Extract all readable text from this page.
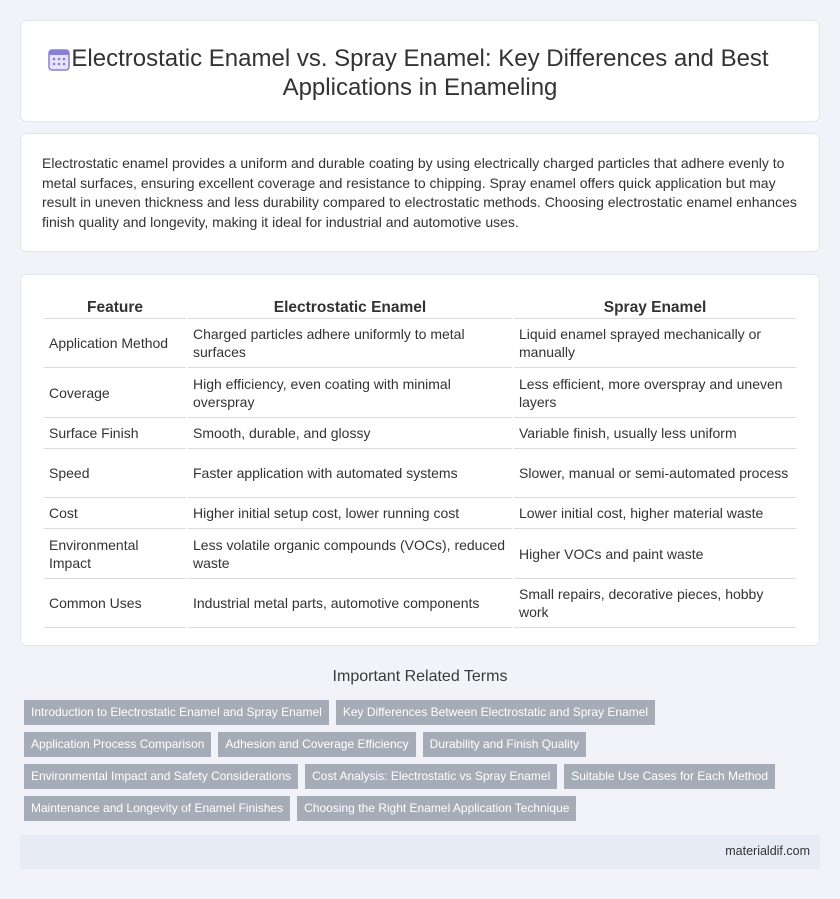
Electrostatic Enamel vs. Spray Enamel: Key Differences and Best Applications in Enameling

Electrostatic enamel provides a uniform and durable coating by using electrically charged particles that adhere evenly to metal surfaces, ensuring excellent coverage and resistance to chipping. Spray enamel offers quick application but may result in uneven thickness and less durability compared to electrostatic methods. Choosing electrostatic enamel enhances finish quality and longevity, making it ideal for industrial and automotive uses.

Feature	Electrostatic Enamel	Spray Enamel
Application Method	Charged particles adhere uniformly to metal surfaces	Liquid enamel sprayed mechanically or manually
Coverage	High efficiency, even coating with minimal overspray	Less efficient, more overspray and uneven layers
Surface Finish	Smooth, durable, and glossy	Variable finish, usually less uniform
Speed	Faster application with automated systems	Slower, manual or semi-automated process
Cost	Higher initial setup cost, lower running cost	Lower initial cost, higher material waste
Environmental Impact	Less volatile organic compounds (VOCs), reduced waste	Higher VOCs and paint waste
Common Uses	Industrial metal parts, automotive components	Small repairs, decorative pieces, hobby work
Important Related Terms
Introduction to Electrostatic Enamel and Spray Enamel	Key Differences Between Electrostatic and Spray Enamel
Application Process Comparison	Adhesion and Coverage Efficiency	Durability and Finish Quality
Environmental Impact and Safety Considerations	Cost Analysis: Electrostatic vs Spray Enamel	Suitable Use Cases for Each Method
Maintenance and Longevity of Enamel Finishes	Choosing the Right Enamel Application Technique
materialdif.com
